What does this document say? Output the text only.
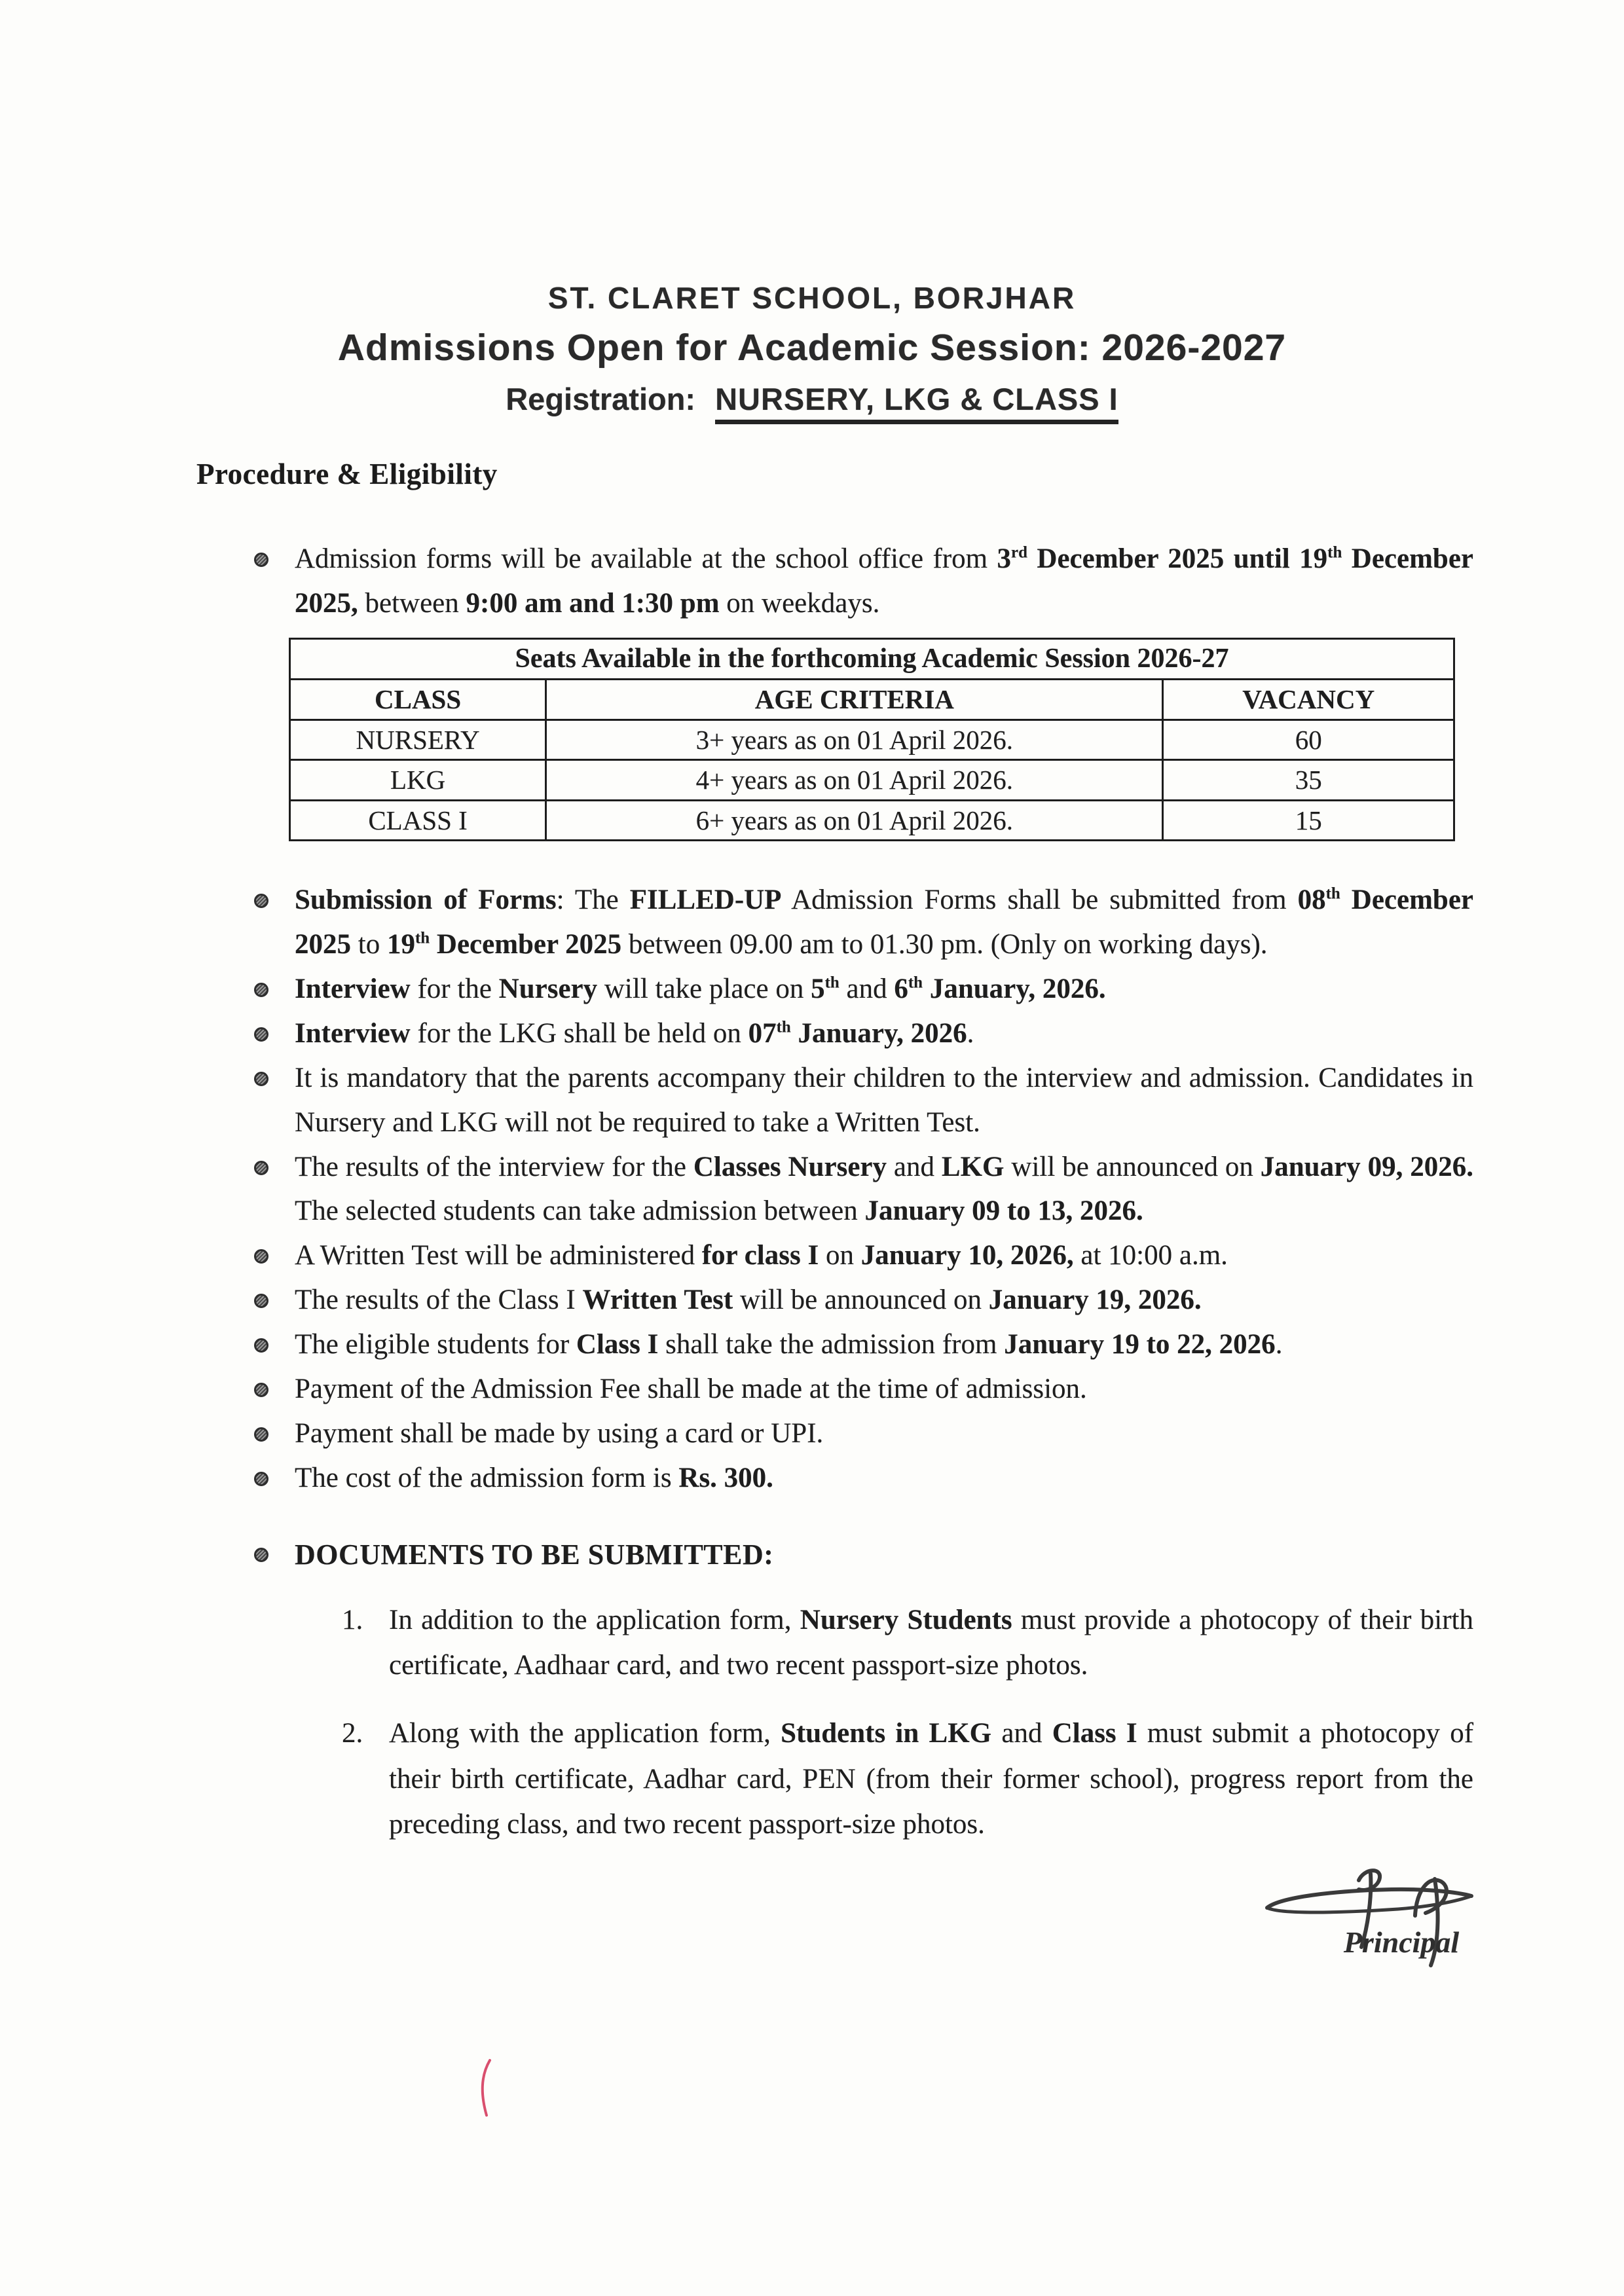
ST. CLARET SCHOOL, BORJHAR
Admissions Open for Academic Session: 2026-2027
Registration: NURSERY, LKG & CLASS I
Procedure & Eligibility
Admission forms will be available at the school office from 3rd December 2025 until 19th December 2025, between 9:00 am and 1:30 pm on weekdays.
Seats Available in the forthcoming Academic Session 2026-27		
CLASS	AGE CRITERIA	VACANCY
NURSERY	3+ years as on 01 April 2026.	60
LKG	4+ years as on 01 April 2026.	35
CLASS I	6+ years as on 01 April 2026.	15
Submission of Forms: The FILLED-UP Admission Forms shall be submitted from 08th December 2025 to 19th December 2025 between 09.00 am to 01.30 pm. (Only on working days).
Interview for the Nursery will take place on 5th and 6th January, 2026.
Interview for the LKG shall be held on 07th January, 2026.
It is mandatory that the parents accompany their children to the interview and admission. Candidates in Nursery and LKG will not be required to take a Written Test.
The results of the interview for the Classes Nursery and LKG will be announced on January 09, 2026. The selected students can take admission between January 09 to 13, 2026.
A Written Test will be administered for class I on January 10, 2026, at 10:00 a.m.
The results of the Class I Written Test will be announced on January 19, 2026.
The eligible students for Class I shall take the admission from January 19 to 22, 2026.
Payment of the Admission Fee shall be made at the time of admission.
Payment shall be made by using a card or UPI.
The cost of the admission form is Rs. 300.
DOCUMENTS TO BE SUBMITTED:
1. In addition to the application form, Nursery Students must provide a photocopy of their birth certificate, Aadhaar card, and two recent passport-size photos.
2. Along with the application form, Students in LKG and Class I must submit a photocopy of their birth certificate, Aadhar card, PEN (from their former school), progress report from the preceding class, and two recent passport-size photos.
Principal
